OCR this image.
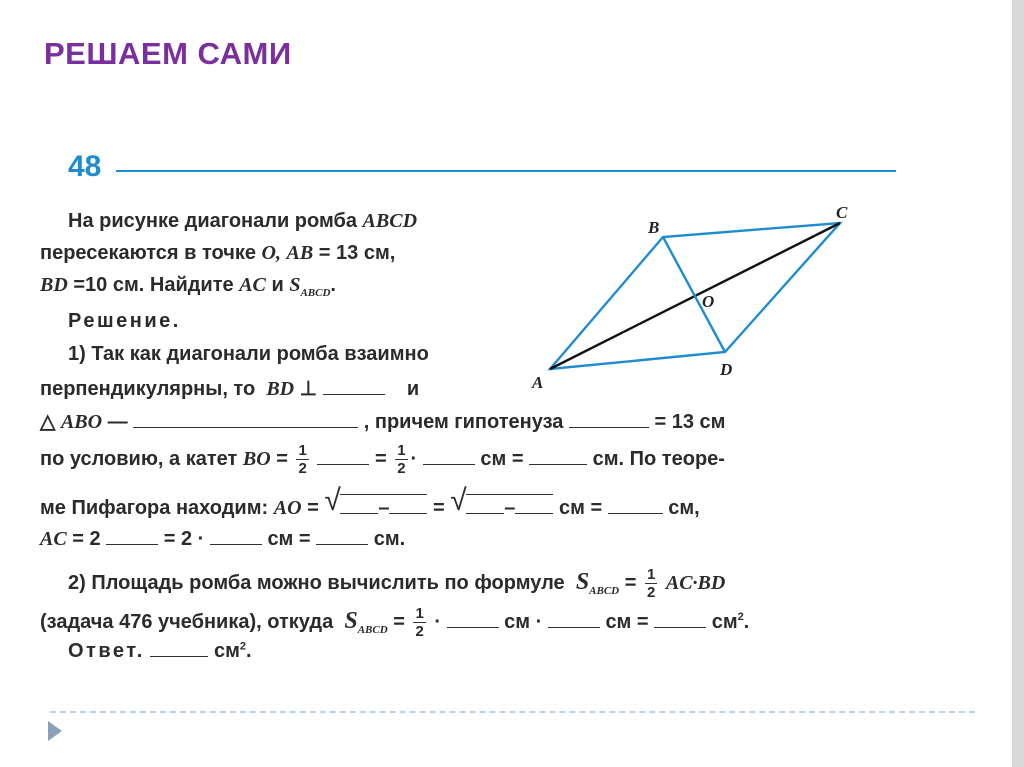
РЕШАЕМ САМИ
48
На рисунке диагонали ромба ABCD
пересекаются в точке O, AB = 13 см,
BD =10 см. Найдите AC и $S_{ABCD}$.
Решение.
1) Так как диагонали ромба взаимно
перпендикулярны, то BD ⊥	и
△ ABO —	, причем гипотенуза	= 13 см
по условию, а катет BO = $\frac{1}{2}$	= $\frac{1}{2}$ ·	см =	см. По теоре-
ме Пифагора находим: AO = √ – = √ – см =	см,
AC = 2	= 2 ·	см =	см.
2) Площадь ромба можно вычислить по формуле $S_{ABCD} = \frac{1}{2} AC\cdot BD$
(задача 476 учебника), откуда $S_{ABCD} = \frac{1}{2}$ ·	см ·	см =	$см^2$.
Ответ.	$см^2$.
A
B
C
D
O
